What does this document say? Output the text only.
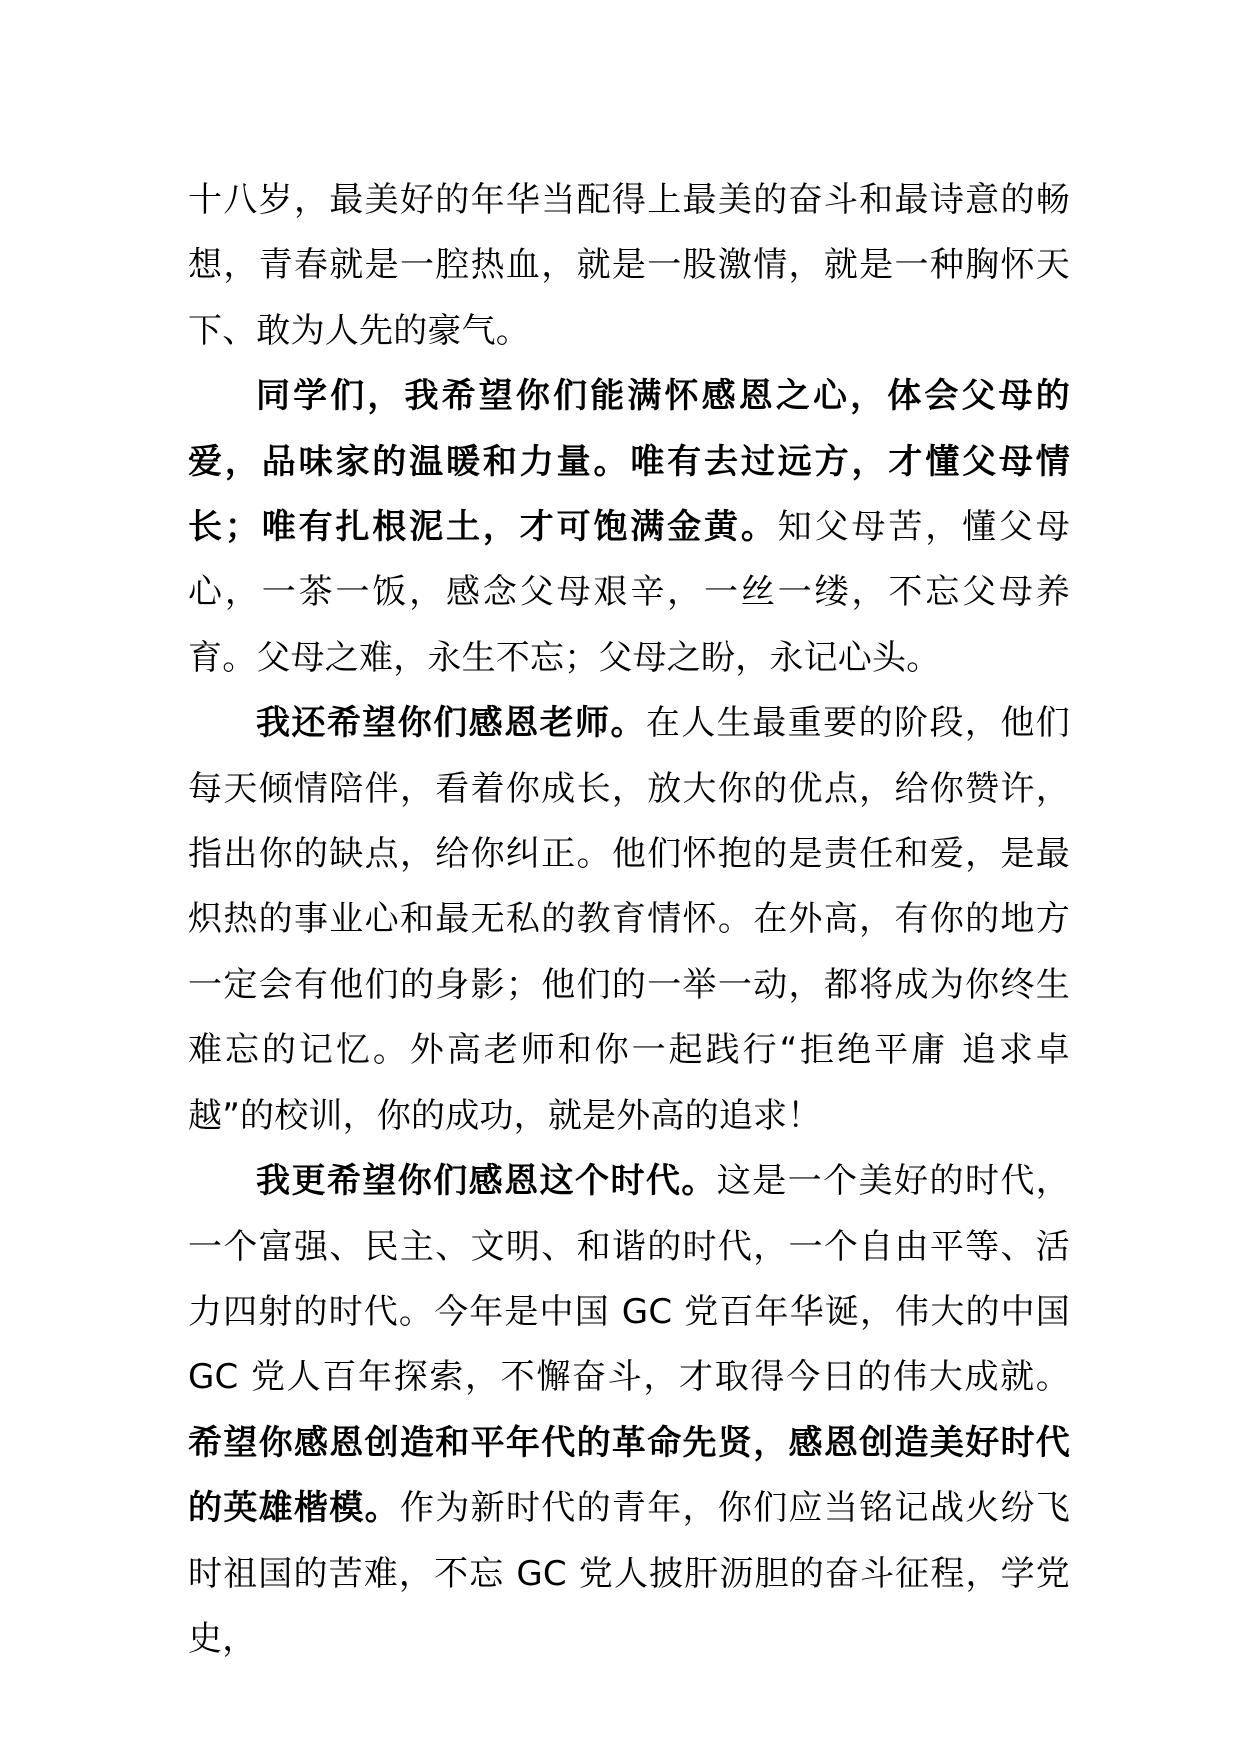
十八岁，最美好的年华当配得上最美的奋斗和最诗意的畅想，青春就是一腔热血，就是一股激情，就是一种胸怀天下、敢为人先的豪气。

同学们，我希望你们能满怀感恩之心，体会父母的爱，品味家的温暖和力量。唯有去过远方，才懂父母情长；唯有扎根泥土，才可饱满金黄。知父母苦，懂父母心，一茶一饭，感念父母艰辛，一丝一缕，不忘父母养育。父母之难，永生不忘；父母之盼，永记心头。

我还希望你们感恩老师。在人生最重要的阶段，他们每天倾情陪伴，看着你成长，放大你的优点，给你赞许，指出你的缺点，给你纠正。他们怀抱的是责任和爱，是最炽热的事业心和最无私的教育情怀。在外高，有你的地方一定会有他们的身影；他们的一举一动，都将成为你终生难忘的记忆。外高老师和你一起践行“拒绝平庸 追求卓越”的校训，你的成功，就是外高的追求！

我更希望你们感恩这个时代。这是一个美好的时代，一个富强、民主、文明、和谐的时代，一个自由平等、活力四射的时代。今年是中国 GC 党百年华诞，伟大的中国 GC 党人百年探索，不懈奋斗，才取得今日的伟大成就。希望你感恩创造和平年代的革命先贤，感恩创造美好时代的英雄楷模。作为新时代的青年，你们应当铭记战火纷飞时祖国的苦难，不忘 GC 党人披肝沥胆的奋斗征程，学党史，
